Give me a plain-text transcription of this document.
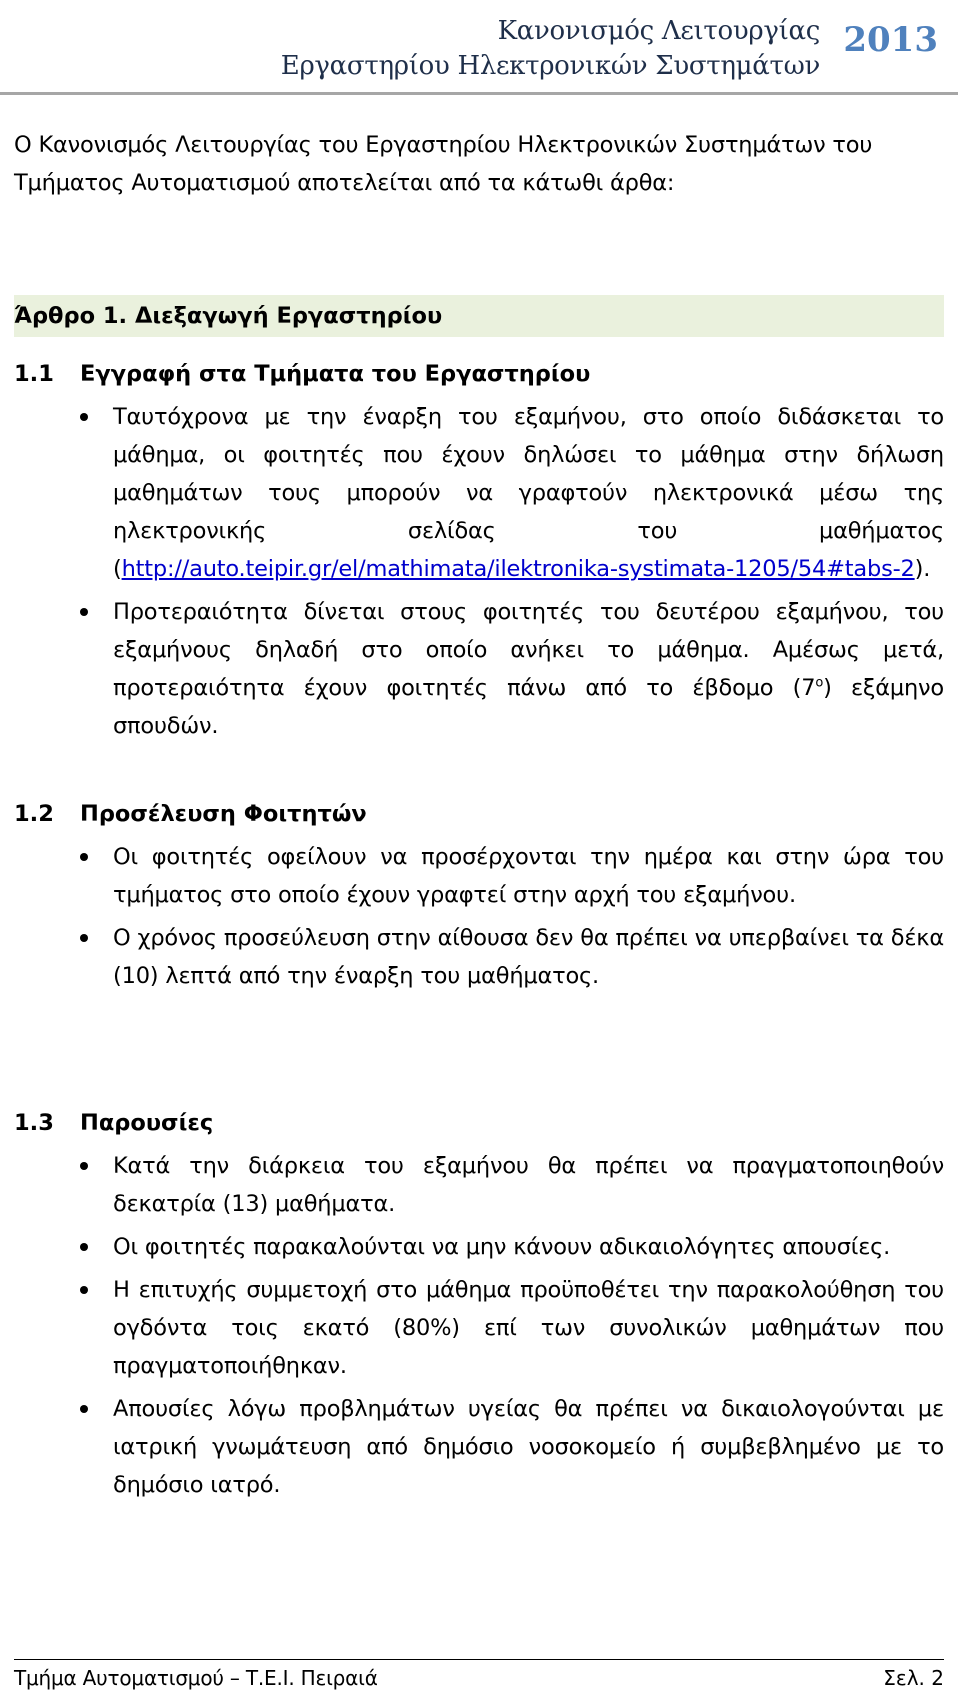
Κανονισμός Λειτουργίας
Εργαστηρίου Ηλεκτρονικών Συστημάτων
2013
Ο Κανονισμός Λειτουργίας του Εργαστηρίου Ηλεκτρονικών Συστημάτων του Τμήματος Αυτοματισμού αποτελείται από τα κάτωθι άρθα:
Άρθρο 1. Διεξαγωγή Εργαστηρίου
1.1 Εγγραφή στα Τμήματα του Εργαστηρίου
Ταυτόχρονα με την έναρξη του εξαμήνου, στο οποίο διδάσκεται το μάθημα, οι φοιτητές που έχουν δηλώσει το μάθημα στην δήλωση μαθημάτων τους μπορούν να γραφτούν ηλεκτρονικά μέσω της ηλεκτρονικής σελίδας του μαθήματος (http://auto.teipir.gr/el/mathimata/ilektronika-systimata-1205/54#tabs-2).
Προτεραιότητα δίνεται στους φοιτητές του δευτέρου εξαμήνου, του εξαμήνους δηλαδή στο οποίο ανήκει το μάθημα. Αμέσως μετά, προτεραιότητα έχουν φοιτητές πάνω από το έβδομο $(7^o)$ εξάμηνο σπουδών.
1.2 Προσέλευση Φοιτητών
Οι φοιτητές οφείλουν να προσέρχονται την ημέρα και στην ώρα του τμήματος στο οποίο έχουν γραφτεί στην αρχή του εξαμήνου.
Ο χρόνος προσεύλευση στην αίθουσα δεν θα πρέπει να υπερβαίνει τα δέκα (10) λεπτά από την έναρξη του μαθήματος.
1.3 Παρουσίες
Κατά την διάρκεια του εξαμήνου θα πρέπει να πραγματοποιηθούν δεκατρία (13) μαθήματα.
Οι φοιτητές παρακαλούνται να μην κάνουν αδικαιολόγητες απουσίες.
Η επιτυχής συμμετοχή στο μάθημα προϋποθέτει την παρακολούθηση του ογδόντα τοις εκατό (80%) επί των συνολικών μαθημάτων που πραγματοποιήθηκαν.
Απουσίες λόγω προβλημάτων υγείας θα πρέπει να δικαιολογούνται με ιατρική γνωμάτευση από δημόσιο νοσοκομείο ή συμβεβλημένο με το δημόσιο ιατρό.
Τμήμα Αυτοματισμού – Τ.Ε.Ι. Πειραιά	Σελ. 2
